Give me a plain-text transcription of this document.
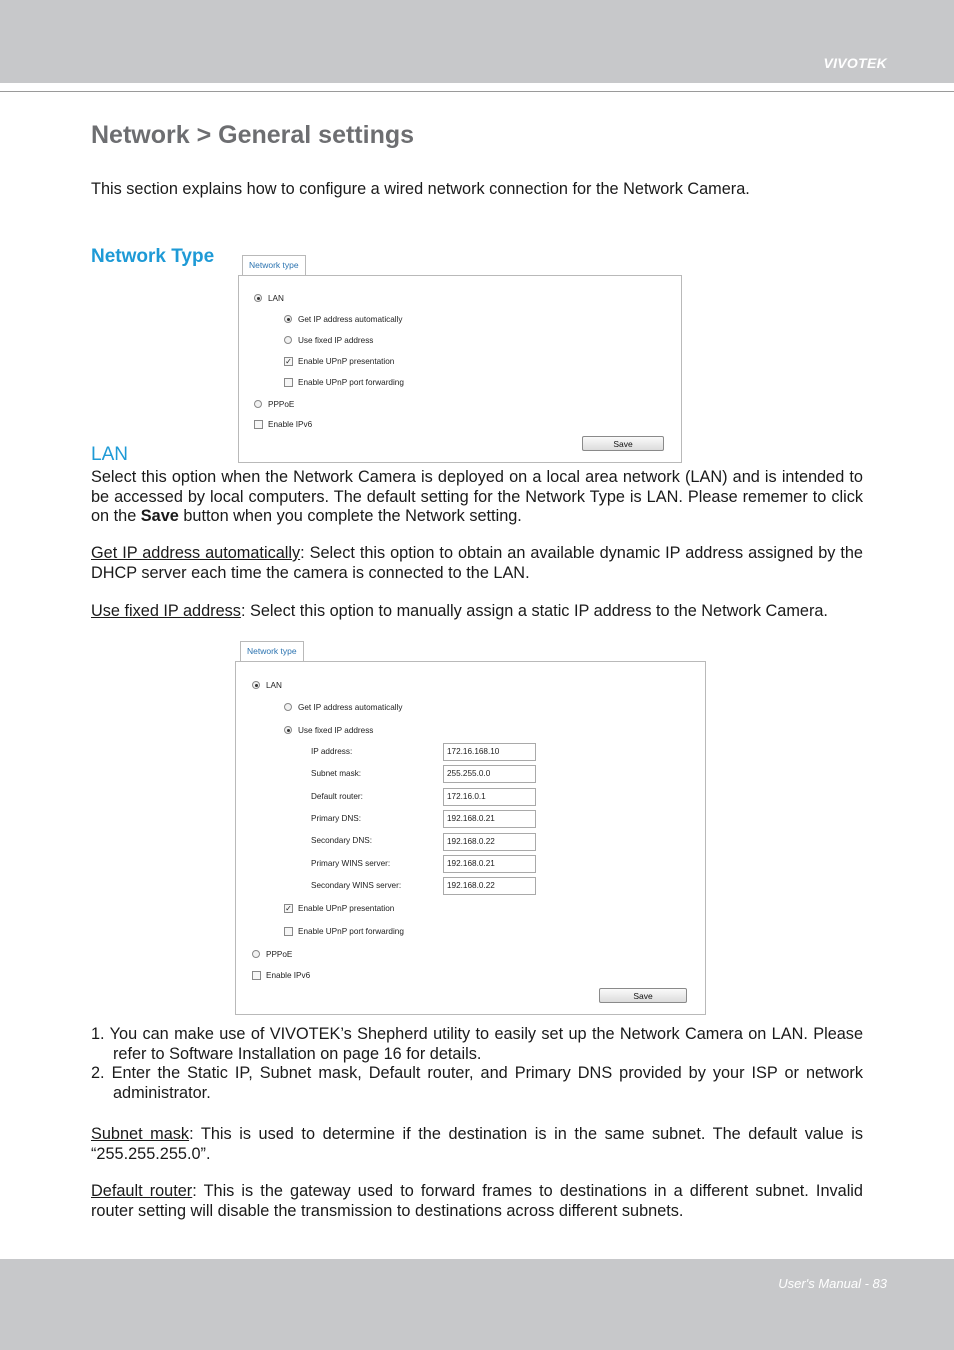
VIVOTEK
User's Manual - 83
Network > General settings
This section explains how to configure a wired network connection for the Network Camera.
Network Type	Network type
LAN
Get IP address automatically
Use fixed IP address
✓ Enable UPnP presentation
Enable UPnP port forwarding
PPPoE
Enable IPv6
Save
LAN
Select this option when the Network Camera is deployed on a local area network (LAN) and is intended to be accessed by local computers. The default setting for the Network Type is LAN. Please rememer to click on the Save button when you complete the Network setting.
Get IP address automatically: Select this option to obtain an available dynamic IP address assigned by the DHCP server each time the camera is connected to the LAN.
Use fixed IP address: Select this option to manually assign a static IP address to the Network Camera.
Network type
LAN
Get IP address automatically
Use fixed IP address
IP address:	172.16.168.10
Subnet mask:	255.255.0.0
Default router:	172.16.0.1
Primary DNS:	192.168.0.21
Secondary DNS:	192.168.0.22
Primary WINS server:	192.168.0.21
Secondary WINS server:	192.168.0.22
✓ Enable UPnP presentation
Enable UPnP port forwarding
PPPoE
Enable IPv6
Save
1. You can make use of VIVOTEK’s Shepherd utility to easily set up the Network Camera on LAN. Please refer to Software Installation on page 16 for details.
2. Enter the Static IP, Subnet mask, Default router, and Primary DNS provided by your ISP or network administrator.
Subnet mask: This is used to determine if the destination is in the same subnet. The default value is “255.255.255.0”.
Default router: This is the gateway used to forward frames to destinations in a different subnet. Invalid router setting will disable the transmission to destinations across different subnets.
